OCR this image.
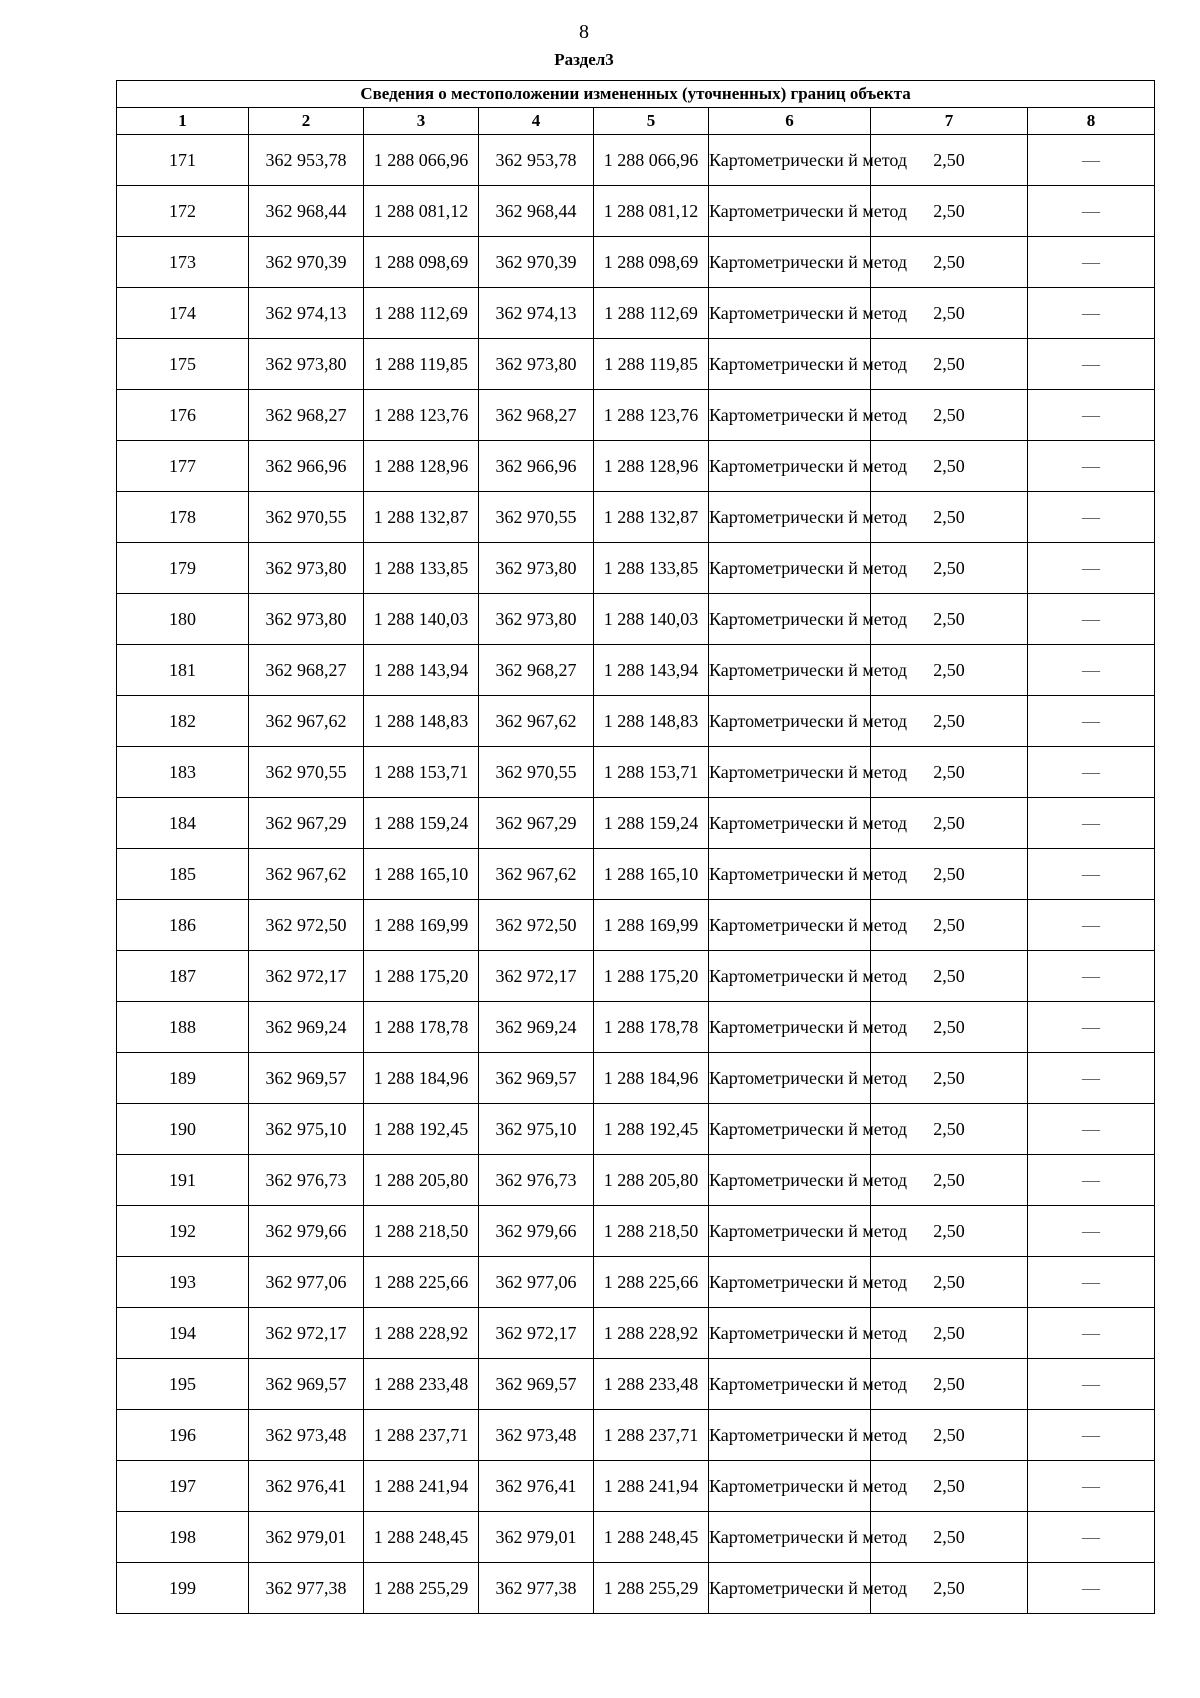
8
Раздел3
Сведения о местоположении измененных (уточненных) границ объекта							
1	2	3	4	5	6	7	8
171	362 953,78	1 288 066,96	362 953,78	1 288 066,96	Картометрически й метод	2,50	—
172	362 968,44	1 288 081,12	362 968,44	1 288 081,12	Картометрически й метод	2,50	—
173	362 970,39	1 288 098,69	362 970,39	1 288 098,69	Картометрически й метод	2,50	—
174	362 974,13	1 288 112,69	362 974,13	1 288 112,69	Картометрически й метод	2,50	—
175	362 973,80	1 288 119,85	362 973,80	1 288 119,85	Картометрически й метод	2,50	—
176	362 968,27	1 288 123,76	362 968,27	1 288 123,76	Картометрически й метод	2,50	—
177	362 966,96	1 288 128,96	362 966,96	1 288 128,96	Картометрически й метод	2,50	—
178	362 970,55	1 288 132,87	362 970,55	1 288 132,87	Картометрически й метод	2,50	—
179	362 973,80	1 288 133,85	362 973,80	1 288 133,85	Картометрически й метод	2,50	—
180	362 973,80	1 288 140,03	362 973,80	1 288 140,03	Картометрически й метод	2,50	—
181	362 968,27	1 288 143,94	362 968,27	1 288 143,94	Картометрически й метод	2,50	—
182	362 967,62	1 288 148,83	362 967,62	1 288 148,83	Картометрически й метод	2,50	—
183	362 970,55	1 288 153,71	362 970,55	1 288 153,71	Картометрически й метод	2,50	—
184	362 967,29	1 288 159,24	362 967,29	1 288 159,24	Картометрически й метод	2,50	—
185	362 967,62	1 288 165,10	362 967,62	1 288 165,10	Картометрически й метод	2,50	—
186	362 972,50	1 288 169,99	362 972,50	1 288 169,99	Картометрически й метод	2,50	—
187	362 972,17	1 288 175,20	362 972,17	1 288 175,20	Картометрически й метод	2,50	—
188	362 969,24	1 288 178,78	362 969,24	1 288 178,78	Картометрически й метод	2,50	—
189	362 969,57	1 288 184,96	362 969,57	1 288 184,96	Картометрически й метод	2,50	—
190	362 975,10	1 288 192,45	362 975,10	1 288 192,45	Картометрически й метод	2,50	—
191	362 976,73	1 288 205,80	362 976,73	1 288 205,80	Картометрически й метод	2,50	—
192	362 979,66	1 288 218,50	362 979,66	1 288 218,50	Картометрически й метод	2,50	—
193	362 977,06	1 288 225,66	362 977,06	1 288 225,66	Картометрически й метод	2,50	—
194	362 972,17	1 288 228,92	362 972,17	1 288 228,92	Картометрически й метод	2,50	—
195	362 969,57	1 288 233,48	362 969,57	1 288 233,48	Картометрически й метод	2,50	—
196	362 973,48	1 288 237,71	362 973,48	1 288 237,71	Картометрически й метод	2,50	—
197	362 976,41	1 288 241,94	362 976,41	1 288 241,94	Картометрически й метод	2,50	—
198	362 979,01	1 288 248,45	362 979,01	1 288 248,45	Картометрически й метод	2,50	—
199	362 977,38	1 288 255,29	362 977,38	1 288 255,29	Картометрически й метод	2,50	—
